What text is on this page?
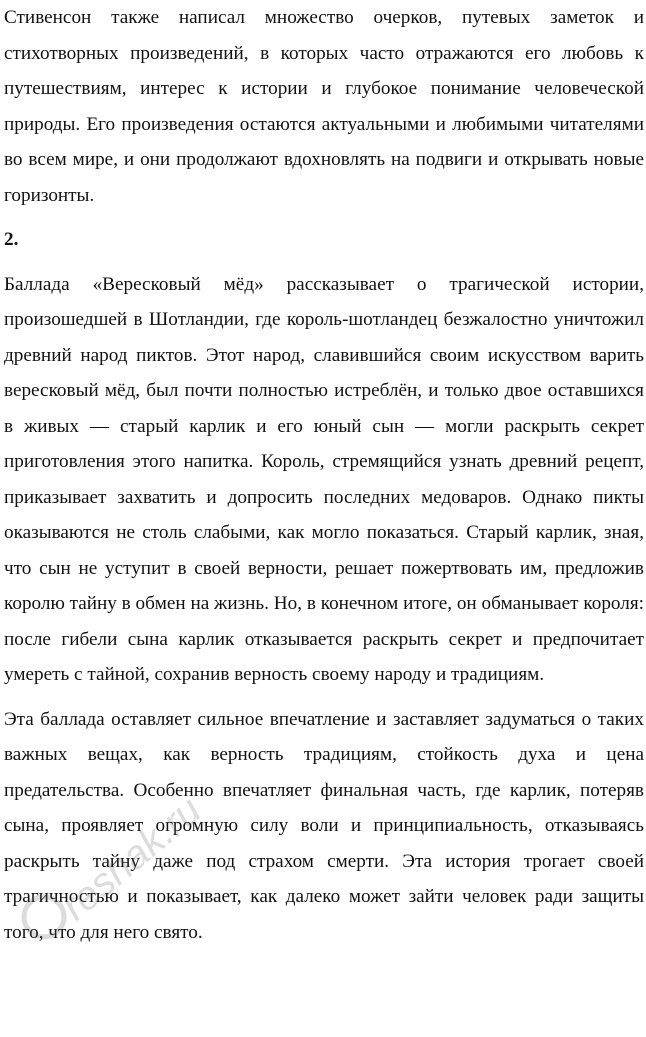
Стивенсон также написал множество очерков, путевых заметок и стихотворных произведений, в которых часто отражаются его любовь к путешествиям, интерес к истории и глубокое понимание человеческой природы. Его произведения остаются актуальными и любимыми читателями во всем мире, и они продолжают вдохновлять на подвиги и открывать новые горизонты.

2.

Баллада «Вересковый мёд» рассказывает о трагической истории, произошедшей в Шотландии, где король-шотландец безжалостно уничтожил древний народ пиктов. Этот народ, славившийся своим искусством варить вересковый мёд, был почти полностью истреблён, и только двое оставшихся в живых — старый карлик и его юный сын — могли раскрыть секрет приготовления этого напитка. Король, стремящийся узнать древний рецепт, приказывает захватить и допросить последних медоваров. Однако пикты оказываются не столь слабыми, как могло показаться. Старый карлик, зная, что сын не уступит в своей верности, решает пожертвовать им, предложив королю тайну в обмен на жизнь. Но, в конечном итоге, он обманывает короля: после гибели сына карлик отказывается раскрыть секрет и предпочитает умереть с тайной, сохранив верность своему народу и традициям.

Эта баллада оставляет сильное впечатление и заставляет задуматься о таких важных вещах, как верность традициям, стойкость духа и цена предательства. Особенно впечатляет финальная часть, где карлик, потеряв сына, проявляет огромную силу воли и принципиальность, отказываясь раскрыть тайну даже под страхом смерти. Эта история трогает своей трагичностью и показывает, как далеко может зайти человек ради защиты того, что для него свято.

reshak.ru
